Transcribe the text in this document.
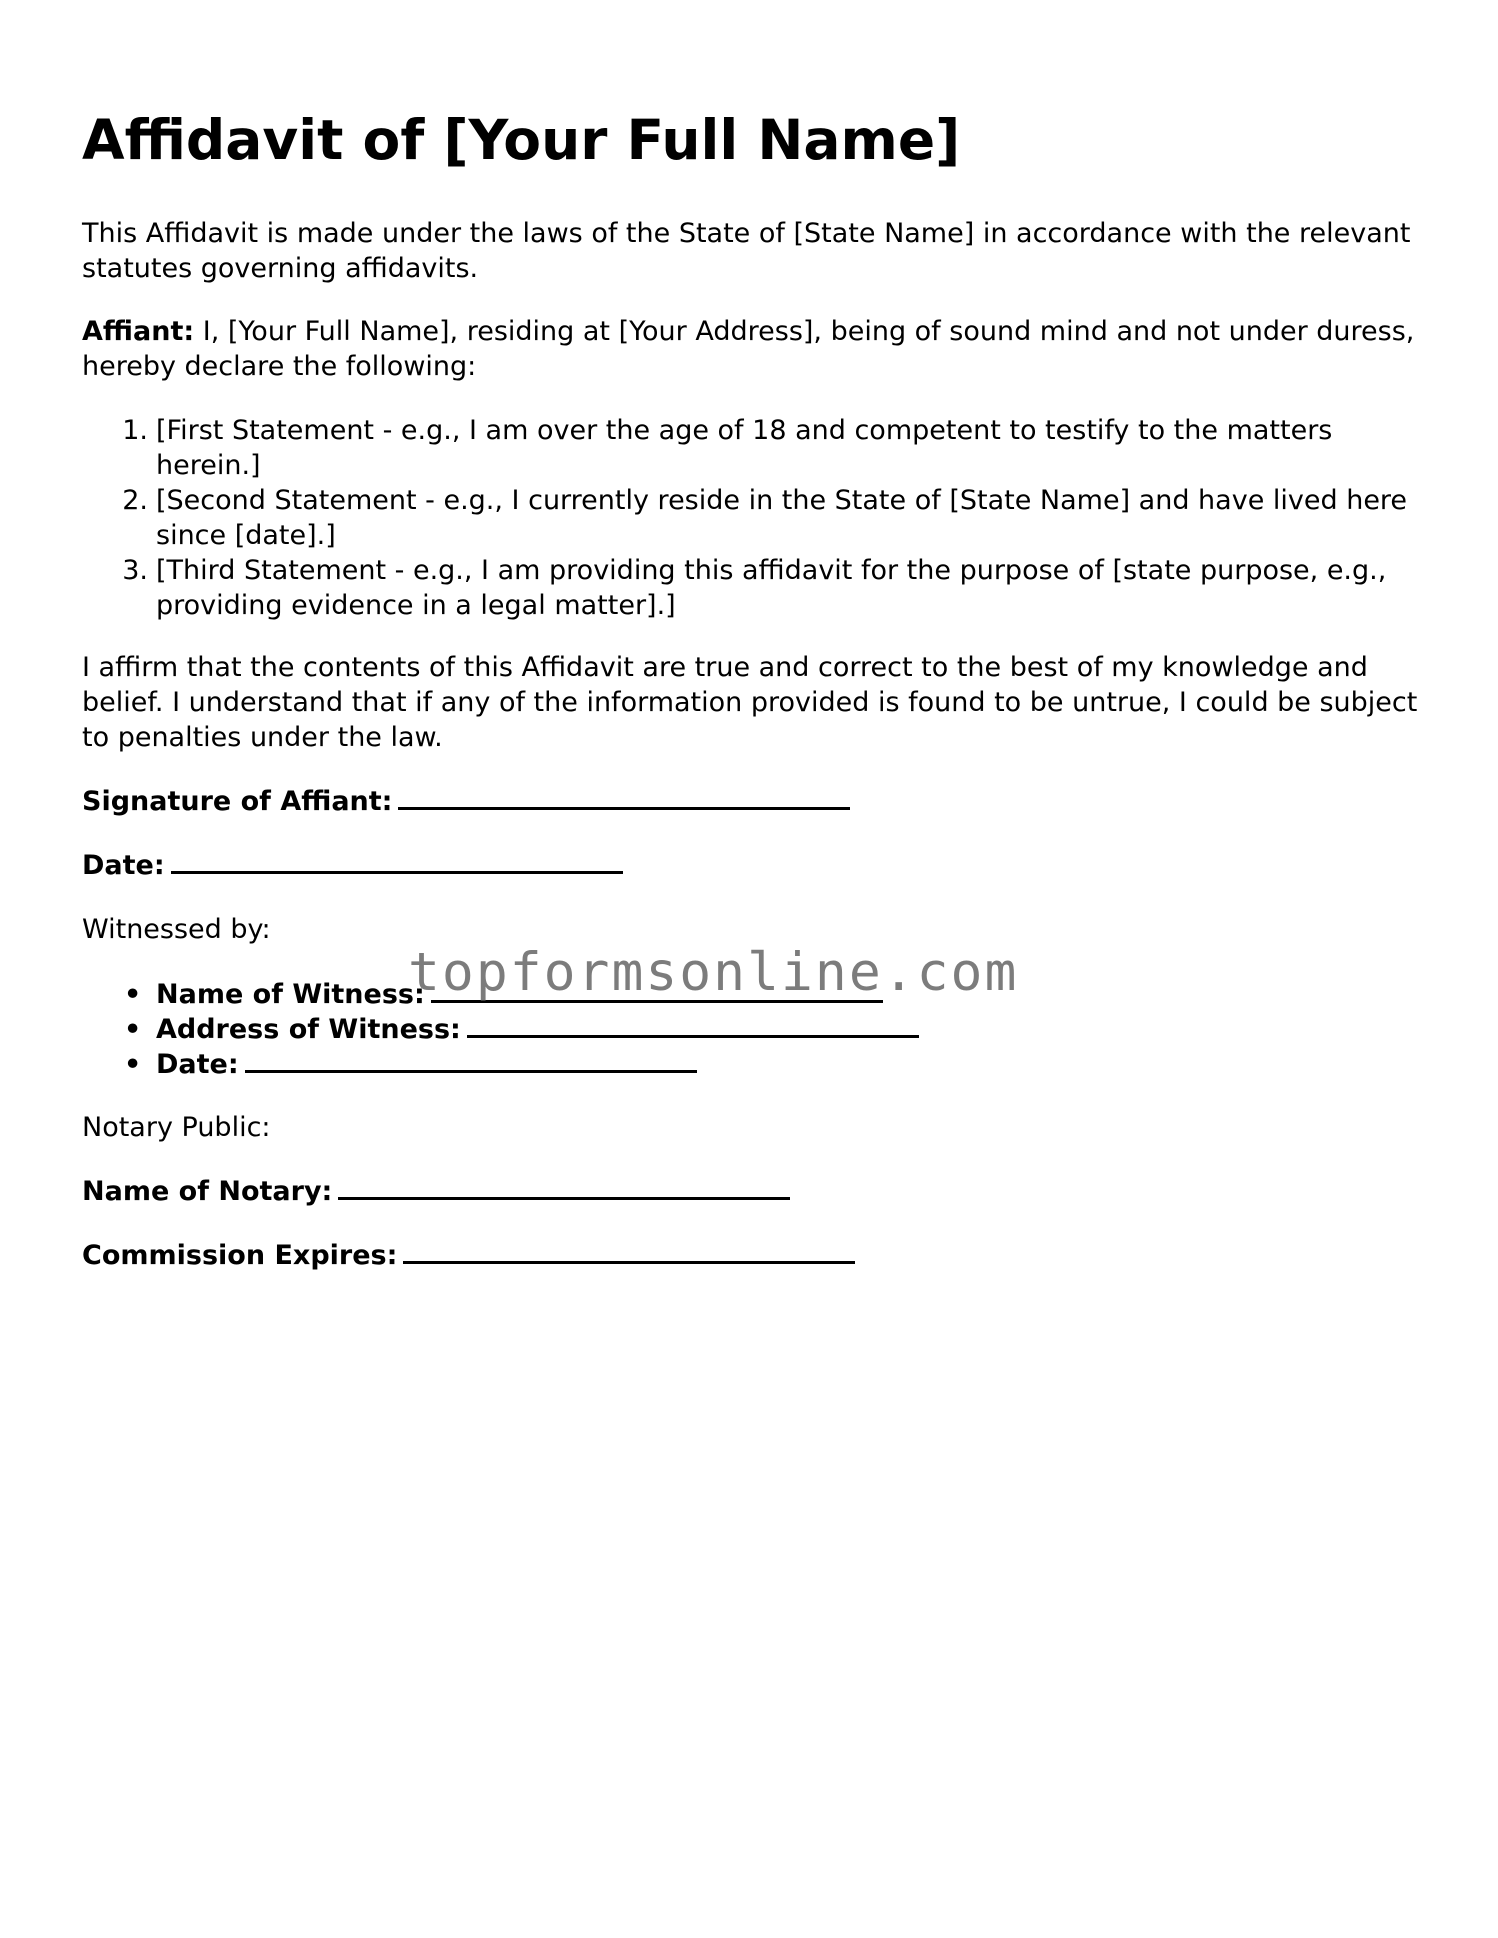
Affidavit of [Your Full Name]

This Affidavit is made under the laws of the State of [State Name] in accordance with the relevant statutes governing affidavits.

Affiant: I, [Your Full Name], residing at [Your Address], being of sound mind and not under duress, hereby declare the following:

1. [First Statement - e.g., I am over the age of 18 and competent to testify to the matters herein.]
2. [Second Statement - e.g., I currently reside in the State of [State Name] and have lived here since [date].]
3. [Third Statement - e.g., I am providing this affidavit for the purpose of [state purpose, e.g., providing evidence in a legal matter].]

I affirm that the contents of this Affidavit are true and correct to the best of my knowledge and belief. I understand that if any of the information provided is found to be untrue, I could be subject to penalties under the law.

Signature of Affiant:

Date:

Witnessed by:

• Name of Witness:
• Address of Witness:
• Date:

Notary Public:

Name of Notary:

Commission Expires:

topformsonline.com
